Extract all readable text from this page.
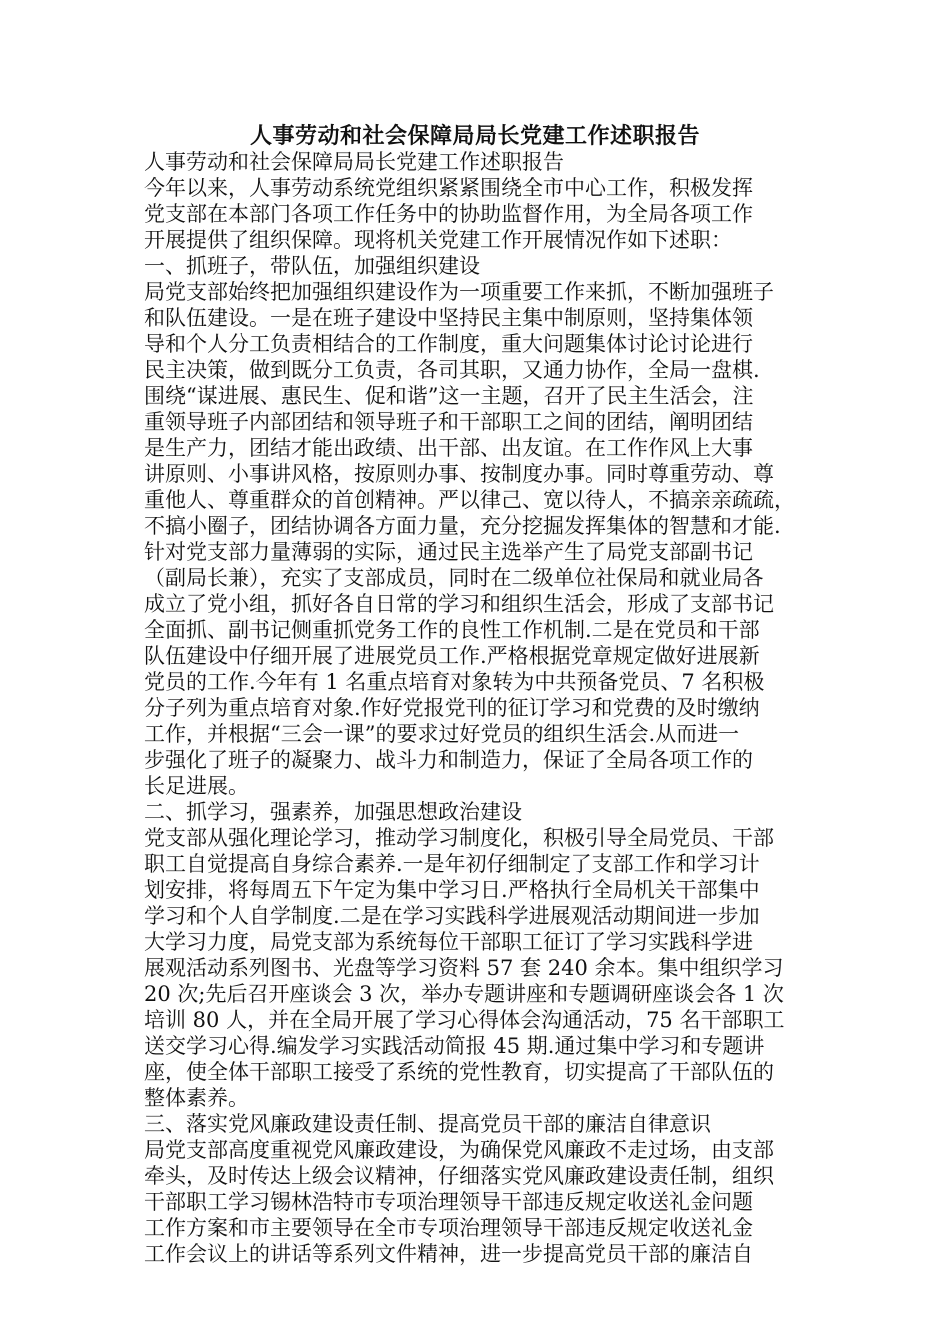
人事劳动和社会保障局局长党建工作述职报告
人事劳动和社会保障局局长党建工作述职报告
今年以来，人事劳动系统党组织紧紧围绕全市中心工作，积极发挥
党支部在本部门各项工作任务中的协助监督作用，为全局各项工作
开展提供了组织保障。现将机关党建工作开展情况作如下述职：
一、抓班子，带队伍，加强组织建设
局党支部始终把加强组织建设作为一项重要工作来抓，不断加强班子
和队伍建设。一是在班子建设中坚持民主集中制原则，坚持集体领
导和个人分工负责相结合的工作制度，重大问题集体讨论讨论进行
民主决策，做到既分工负责，各司其职，又通力协作，全局一盘棋.
围绕“谋进展、惠民生、促和谐”这一主题，召开了民主生活会，注
重领导班子内部团结和领导班子和干部职工之间的团结，阐明团结
是生产力，团结才能出政绩、出干部、出友谊。在工作作风上大事
讲原则、小事讲风格，按原则办事、按制度办事。同时尊重劳动、尊
重他人、尊重群众的首创精神。严以律己、宽以待人，不搞亲亲疏疏，
不搞小圈子，团结协调各方面力量，充分挖掘发挥集体的智慧和才能.
针对党支部力量薄弱的实际，通过民主选举产生了局党支部副书记
（副局长兼），充实了支部成员，同时在二级单位社保局和就业局各
成立了党小组，抓好各自日常的学习和组织生活会，形成了支部书记
全面抓、副书记侧重抓党务工作的良性工作机制.二是在党员和干部
队伍建设中仔细开展了进展党员工作.严格根据党章规定做好进展新
党员的工作.今年有 1 名重点培育对象转为中共预备党员、7 名积极
分子列为重点培育对象.作好党报党刊的征订学习和党费的及时缴纳
工作，并根据“三会一课”的要求过好党员的组织生活会.从而进一
步强化了班子的凝聚力、战斗力和制造力，保证了全局各项工作的
长足进展。
二、抓学习，强素养，加强思想政治建设
党支部从强化理论学习，推动学习制度化，积极引导全局党员、干部
职工自觉提高自身综合素养.一是年初仔细制定了支部工作和学习计
划安排，将每周五下午定为集中学习日.严格执行全局机关干部集中
学习和个人自学制度.二是在学习实践科学进展观活动期间进一步加
大学习力度，局党支部为系统每位干部职工征订了学习实践科学进
展观活动系列图书、光盘等学习资料 57 套 240 余本。集中组织学习
20 次;先后召开座谈会 3 次，举办专题讲座和专题调研座谈会各 1 次
培训 80 人，并在全局开展了学习心得体会沟通活动，75 名干部职工
送交学习心得.编发学习实践活动简报 45 期.通过集中学习和专题讲
座，使全体干部职工接受了系统的党性教育，切实提高了干部队伍的
整体素养。
三、落实党风廉政建设责任制、提高党员干部的廉洁自律意识
局党支部高度重视党风廉政建设，为确保党风廉政不走过场，由支部
牵头，及时传达上级会议精神，仔细落实党风廉政建设责任制，组织
干部职工学习锡林浩特市专项治理领导干部违反规定收送礼金问题
工作方案和市主要领导在全市专项治理领导干部违反规定收送礼金
工作会议上的讲话等系列文件精神，进一步提高党员干部的廉洁自
